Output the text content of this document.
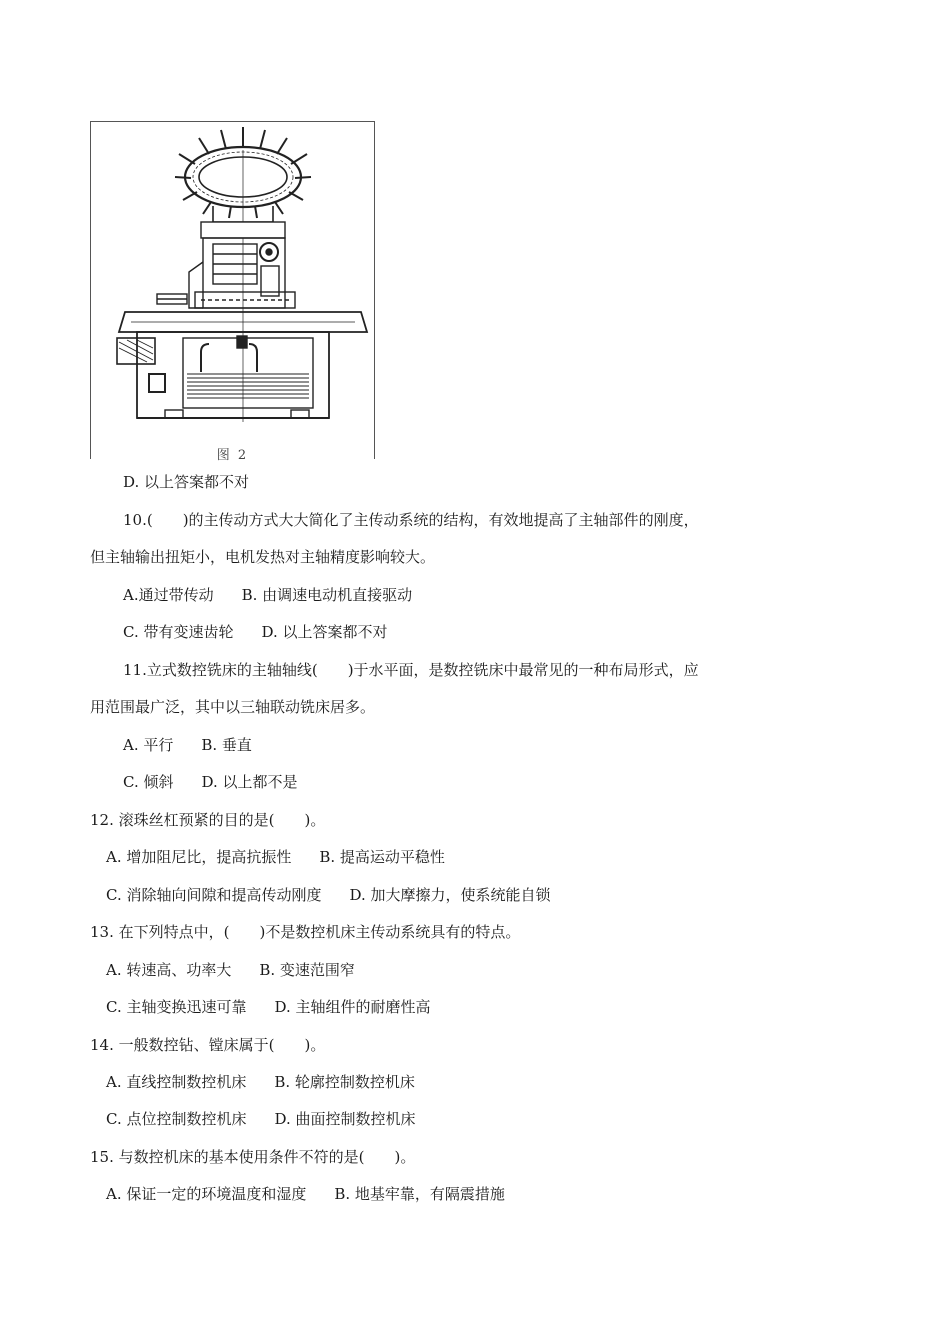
图 2
D. 以上答案都不对
10.(　　)的主传动方式大大简化了主传动系统的结构，有效地提高了主轴部件的刚度，
但主轴输出扭矩小，电机发热对主轴精度影响较大。
A.通过带传动 B. 由调速电动机直接驱动
C. 带有变速齿轮 D. 以上答案都不对
11.立式数控铣床的主轴轴线(　　)于水平面，是数控铣床中最常见的一种布局形式，应
用范围最广泛，其中以三轴联动铣床居多。
A. 平行 B. 垂直
C. 倾斜 D. 以上都不是
12. 滚珠丝杠预紧的目的是(　　)。
A. 增加阻尼比，提高抗振性 B. 提高运动平稳性
C. 消除轴向间隙和提高传动刚度 D. 加大摩擦力，使系统能自锁
13. 在下列特点中，(　　)不是数控机床主传动系统具有的特点。
A. 转速高、功率大 B. 变速范围窄
C. 主轴变换迅速可靠 D. 主轴组件的耐磨性高
14. 一般数控钻、镗床属于(　　)。
A. 直线控制数控机床 B. 轮廓控制数控机床
C. 点位控制数控机床 D. 曲面控制数控机床
15. 与数控机床的基本使用条件不符的是(　　)。
A. 保证一定的环境温度和湿度 B. 地基牢靠，有隔震措施
